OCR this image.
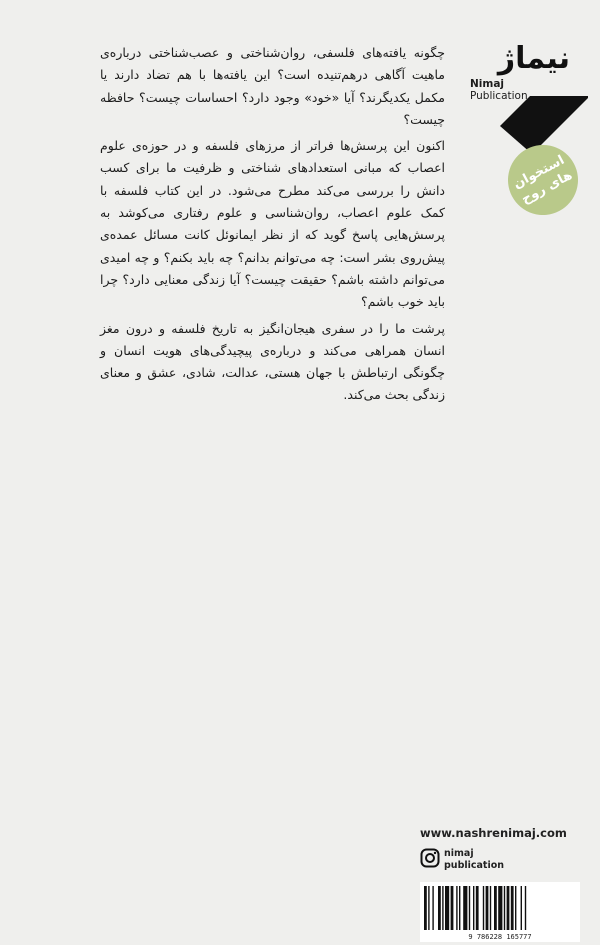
چگونه یافته‌های فلسفی، روان‌شناختی و عصب‌شناختی درباره‌ی ماهیت آگاهی درهم‌تنیده است؟ این یافته‌ها با هم تضاد دارند یا مکمل یکدیگرند؟ آیا «خود» وجود دارد؟ احساسات چیست؟ حافظه چیست؟

اکنون این پرسش‌ها فراتر از مرزهای فلسفه و در حوزه‌ی علوم اعصاب که مبانی استعدادهای شناختی و ظرفیت ما برای کسب دانش را بررسی می‌کند مطرح می‌شود. در این کتاب فلسفه با کمک علوم اعصاب، روان‌شناسی و علوم رفتاری می‌کوشد به پرسش‌هایی پاسخ گوید که از نظر ایمانوئل کانت مسائل عمده‌ی پیش‌روی بشر است: چه می‌توانم بدانم؟ چه باید بکنم؟ و چه امیدی می‌توانم داشته باشم؟ حقیقت چیست؟ آیا زندگی معنایی دارد؟ چرا باید خوب باشم؟

پرشت ما را در سفری هیجان‌انگیز به تاریخ فلسفه و درون مغز انسان همراهی می‌کند و درباره‌ی پیچیدگی‌های هویت انسان و چگونگی ارتباطش با جهان هستی، عدالت، شادی، عشق و معنای زندگی بحث می‌کند.

نیماژ
Nimaj
Publication
استخوان های روح
www.nashrenimaj.com
nimaj
publication
9 786228 165777
